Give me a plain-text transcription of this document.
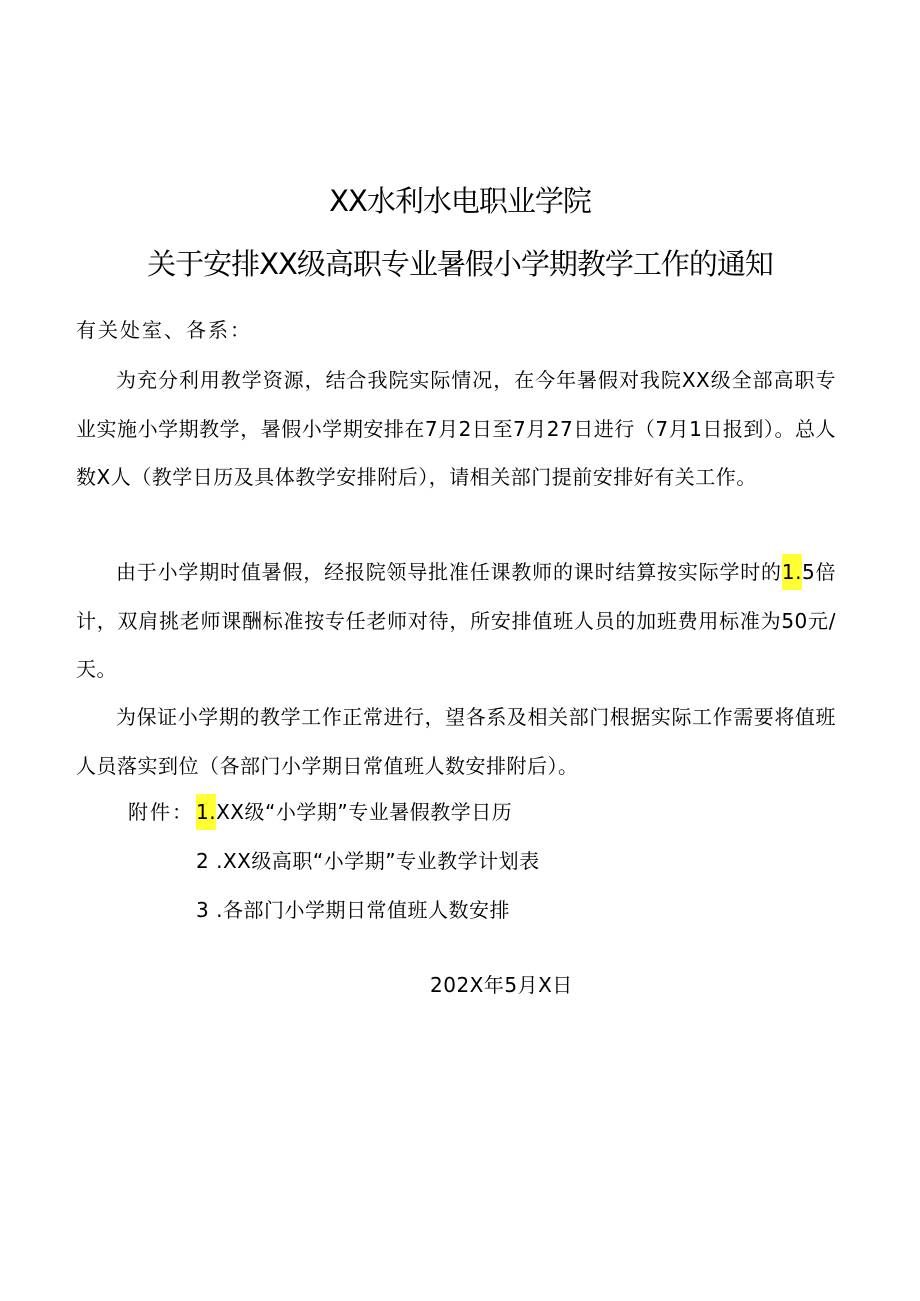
XX水利水电职业学院
关于安排XX级高职专业暑假小学期教学工作的通知
有关处室、各系：
为充分利用教学资源，结合我院实际情况，在今年暑假对我院XX级全部高职专业实施小学期教学，暑假小学期安排在7月2日至7月27日进行（7月1日报到）。总人数X人（教学日历及具体教学安排附后），请相关部门提前安排好有关工作。
由于小学期时值暑假，经报院领导批准任课教师的课时结算按实际学时的1.5倍计，双肩挑老师课酬标准按专任老师对待，所安排值班人员的加班费用标准为50元/天。
为保证小学期的教学工作正常进行，望各系及相关部门根据实际工作需要将值班人员落实到位（各部门小学期日常值班人数安排附后）。
附件： 1.XX级“小学期”专业暑假教学日历
2 .XX级高职“小学期”专业教学计划表
3 .各部门小学期日常值班人数安排
202X年5月X日
